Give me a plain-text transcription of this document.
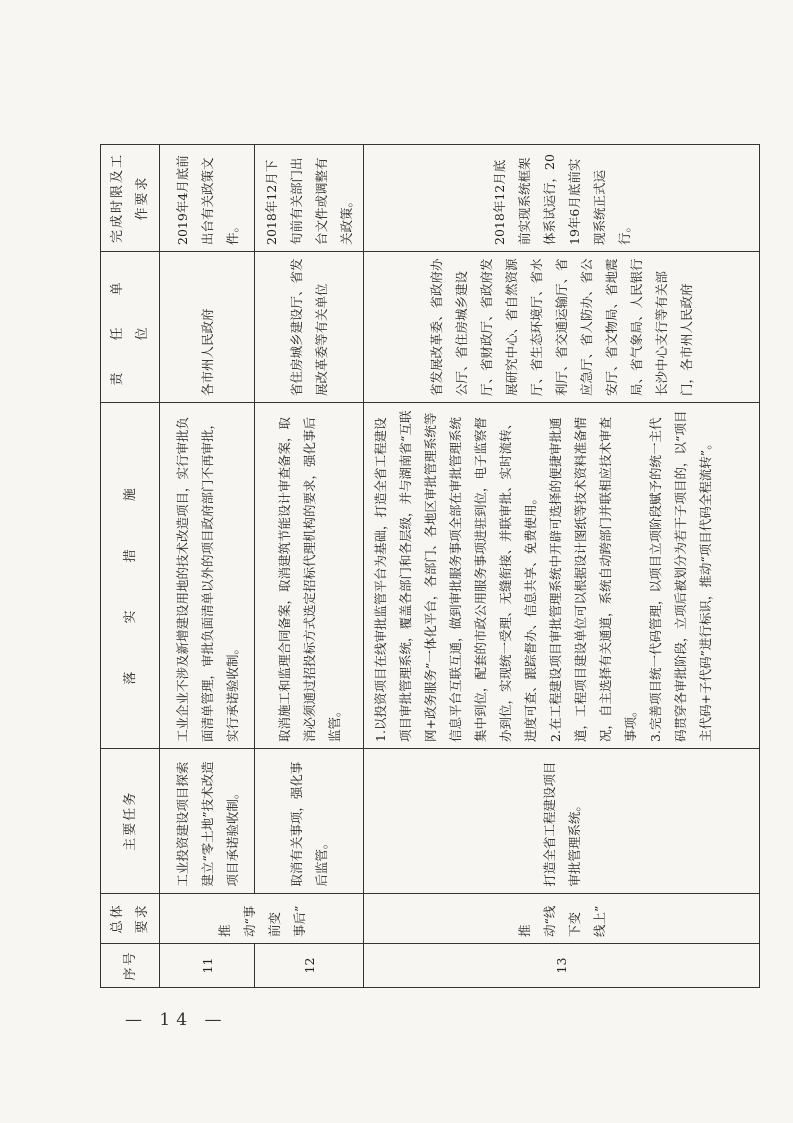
— 14 —
序号	总体要求	主要任务	落 实 措 施	责 任 单 位	完成时限及工作要求
11	推动“事前变事后”	工业投资建设项目探索建立“零土地”技术改造项目承诺验收制。	工业企业不涉及新增建设用地的技术改造项目，实行审批负面清单管理，审批负面清单以外的项目政府部门不再审批，实行承诺验收制。	各市州人民政府	2019年4月底前出台有关政策文件。
12		取消有关事项，强化事后监管。	取消施工和监理合同备案，取消建筑节能设计审查备案，取消必须通过招投标方式选定招标代理机构的要求，强化事后监管。	省住房城乡建设厅、省发展改革委等有关单位	2018年12月下旬前有关部门出台文件或调整有关政策。
13	推动“线下变线上”	打造全省工程建设项目审批管理系统。	1.以投资项目在线审批监管平台为基础，打造全省工程建设项目审批管理系统，覆盖各部门和各层级，并与湖南省“互联网+政务服务”一体化平台，各部门、各地区审批管理系统等信息平台互联互通，做到审批服务事项全部在审批管理系统集中到位，配套的市政公用服务事项进驻到位，电子监察督办到位，实现统一受理、无缝衔接、并联审批、实时流转、进度可查、跟踪督办、信息共享、免费使用。 2.在工程建设项目审批管理系统中开辟可选择的便捷审批通道，工程项目建设单位可以根据设计图纸等技术资料准备情况，自主选择有关通道，系统自动跨部门并联相应技术审查事项。 3.完善项目统一代码管理，以项目立项阶段赋予的统一主代码贯穿各审批阶段，立项后被划分为若干子项目的，以“项目主代码+子代码”进行标识，推动“项目代码全程流转”。	省发展改革委、省政府办公厅、省住房城乡建设厅、省财政厅、省政府发展研究中心、省自然资源厅、省生态环境厅、省水利厅、省交通运输厅、省应急厅、省人防办、省公安厅、省文物局、省地震局、省气象局、人民银行长沙中心支行等有关部门，各市州人民政府	2018年12月底前实现系统框架体系试运行，2019年6月底前实现系统正式运行。
